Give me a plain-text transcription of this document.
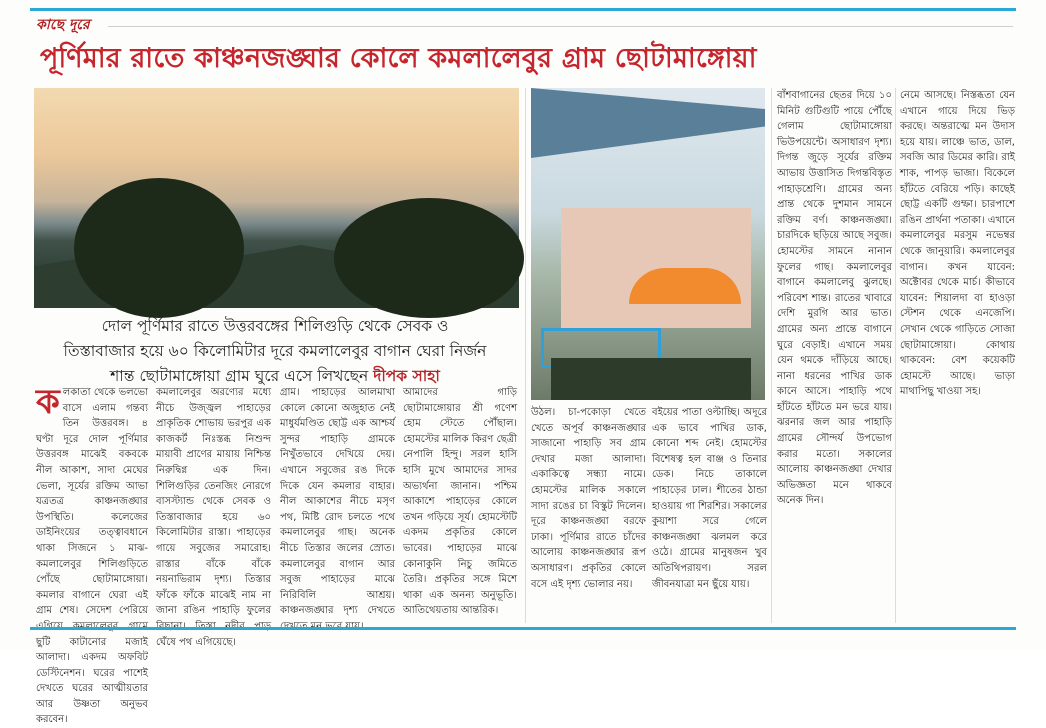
কাছে দূরে
পূর্ণিমার রাতে কাঞ্চনজঙ্ঘার কোলে কমলালেবুর গ্রাম ছোটামাঙ্গোয়া
দোল পূর্ণিমার রাতে উত্তরবঙ্গের শিলিগুড়ি থেকে সেবক ও
তিস্তাবাজার হয়ে ৬০ কিলোমিটার দূরে কমলালেবুর বাগান ঘেরা নির্জন
শান্ত ছোটামাঙ্গোয়া গ্রাম ঘুরে এসে লিখছেন দীপক সাহা
কলকাতা থেকে ভলভো বাসে এলাম গন্তব্য তিন উত্তরবঙ্গ। ৪ ঘণ্টা দূরে দোল পূর্ণিমার উত্তরবঙ্গ মাঝেই বকবকে নীল আকাশ, সাদা মেঘের ভেলা, সূর্যের রক্তিম আভা যত্রতত্র কাঞ্চনজঙ্ঘার উপস্থিতি। কলেজের ডাইনিংয়ের তত্ত্বাবধানে থাকা সিজনে ১ মাঝ-কমলালেবুর শিলিগুড়িতে পোঁছে ছোটামাঙ্গোয়া। কমলার বাগানে ঘেরা এই গ্রাম শেষ। সেদেশ পেরিয়ে ছুটি কাটানোর মজাই আলাদা। একদম অফবিট ডেস্টিনেশন। ঘরের পাশেই দেখতে ঘরের আত্মীয়তার আর উষ্ণতা অনুভব করবেন।
কমলালেবুর অরণ্যের মধ্যে নীচে উজ্জ্বল পাহাড়ের প্রাকৃতিক শোভায় ভরপুর এক কাজকর্ট নিঃস্তব্ধ নিশুন্দ মায়াবী প্রাণের মায়ায় নিশ্চিন্ত নিরুদ্বিগ্ন এক দিন। শিলিগুড়ির তেনজিং নোরগে বাসস্ট্যান্ড থেকে সেবক ও তিস্তাবাজার হয়ে ৬০ কিলোমিটার রাস্তা। পাহাড়ের গায়ে সবুজের সমারোহ। রাস্তার বাঁকে বাঁকে নয়নাভিরাম দৃশ্য। তিস্তার ফাঁকে ফাঁকে মাঝেই নাম না জানা রঙিন পাহাড়ি ফুলের ঘেঁষে পথ এগিয়েছে।
গ্রাম। পাহাড়ের আলমাখা কোলে কোনো অজুহাত নেই মাধুর্যমণ্ডিত ছোট্ট এক আশ্চর্য সুন্দর পাহাড়ি গ্রামকে নিখুঁতভাবে দেখিয়ে দেয়। এখানে সবুজের রঙ দিকে দিকে যেন কমলার বাহার। নীল আকাশের নীচে মসৃণ পথ, মিষ্টি রোদ চলতে পথে কমলালেবুর গাছ। অনেক নীচে তিস্তার জলের স্রোত। কমলালেবুর বাগান আর সবুজ পাহাড়ের মাঝে নিরিবিলি আশ্রয়। কাঞ্চনজঙ্ঘার দৃশ্য দেখতে
আমাদের গাড়ি ছোটামাঙ্গোয়ার শ্রী গণেশ হোম স্টেতে পৌঁছাল। হোমস্টের মালিক কিরণ ছেত্রী নেপালি হিন্দু। সরল হাসি হাসি মুখে আমাদের সাদর অভ্যর্থনা জানান। পশ্চিম আকাশে পাহাড়ের কোলে তখন গড়িয়ে সূর্য। হোমস্টেটি একদম প্রকৃতির কোলে ভাবের। পাহাড়ের মাঝে কোনাকুনি নিচু জমিতে তৈরি। প্রকৃতির সঙ্গে মিশে থাকা এক অনন্য অনুভূতি। আতিথেয়তায় আন্তরিক।
উঠল। চা-পকোড়া খেতে খেতে অপূর্ব কাঞ্চনজঙ্ঘার সাজানো পাহাড়ি সব গ্রাম দেখার মজা আলাদা। একাকিত্বে সন্ধ্যা নামে। হোমস্টের মালিক সকালে সাদা রঙের চা বিস্কুট দিলেন। দূরে কাঞ্চনজঙ্ঘা বরফে ঢাকা। পূর্ণিমার রাতে চাঁদের আলোয় কাঞ্চনজঙ্ঘার রূপ অসাধারণ। প্রকৃতির কোলে বসে এই দৃশ্য ভোলার নয়।
বইয়ের পাতা ওল্টাচ্ছি। অদূরে এক ভাবে পাখির ডাক, কোনো শব্দ নেই। হোমস্টের বিশেষত্ব হল বাঞ্জ ও তিনার ডেক। নিচে তাকালে পাহাড়ের ঢাল। শীতের ঠান্ডা হাওয়ায় গা শিরশির। সকালের কুয়াশা সরে গেলে কাঞ্চনজঙ্ঘা ঝলমল করে ওঠে। গ্রামের মানুষজন খুব অতিথিপরায়ণ। সরল জীবনযাত্রা মন ছুঁয়ে যায়।
বাঁশবাগানের ছেতর দিয়ে ১০ মিনিট গুটিগুটি পায়ে পৌঁছে গেলাম ছোটামাঙ্গোয়া ভিউপয়েন্টে। অসাধারণ দৃশ্য। দিগন্ত জুড়ে সূর্যের রক্তিম আভায় উত্তাসিত দিগন্তবিস্তৃত পাহাড়শ্রেণি। গ্রামের অন্য প্রান্ত থেকে দুশমান সামনে রক্তিম বর্ণ। কাঞ্চনজঙ্ঘা। চারদিকে ছড়িয়ে আছে সবুজ। হোমস্টের সামনে নানান ফুলের গাছ। কমলালেবুর বাগানে কমলালেবু ঝুলছে। পরিবেশ শান্ত। রাতের খাবারে দেশি মুরগি আর ভাত। গ্রামের অন্য প্রান্তে বাগানে ঘুরে বেড়াই। এখানে সময় যেন থমকে দাঁড়িয়ে আছে। নানা ধরনের পাখির ডাক কানে আসে। পাহাড়ি পথে হাঁটতে হাঁটতে মন ভরে যায়। ঝরনার জল আর পাহাড়ি গ্রামের সৌন্দর্য উপভোগ করার মতো। সকালের আলোয় কাঞ্চনজঙ্ঘা দেখার অভিজ্ঞতা মনে থাকবে অনেক দিন।
নেমে আসছে। নিস্তব্ধতা যেন এখানে গায়ে দিয়ে ভিড় করছে। অন্তরাত্মে মন উদাস হয়ে যায়। লাঞ্চে ভাত, ডাল, সবজি আর ডিমের কারি। রাই শাক, পাপড় ভাজা। বিকেলে হাঁটতে বেরিয়ে পড়ি। কাছেই ছোট্ট একটি গুম্ফা। চারপাশে রঙিন প্রার্থনা পতাকা। এখানে কমলালেবুর মরসুম নভেম্বর থেকে জানুয়ারি। কমলালেবুর বাগান। কখন যাবেন: অক্টোবর থেকে মার্চ। কীভাবে যাবেন: শিয়ালদা বা হাওড়া স্টেশন থেকে এনজেপি। সেখান থেকে গাড়িতে সোজা ছোটামাঙ্গোয়া। কোথায় থাকবেন: বেশ কয়েকটি হোমস্টে আছে। ভাড়া মাথাপিছু খাওয়া সহ।
